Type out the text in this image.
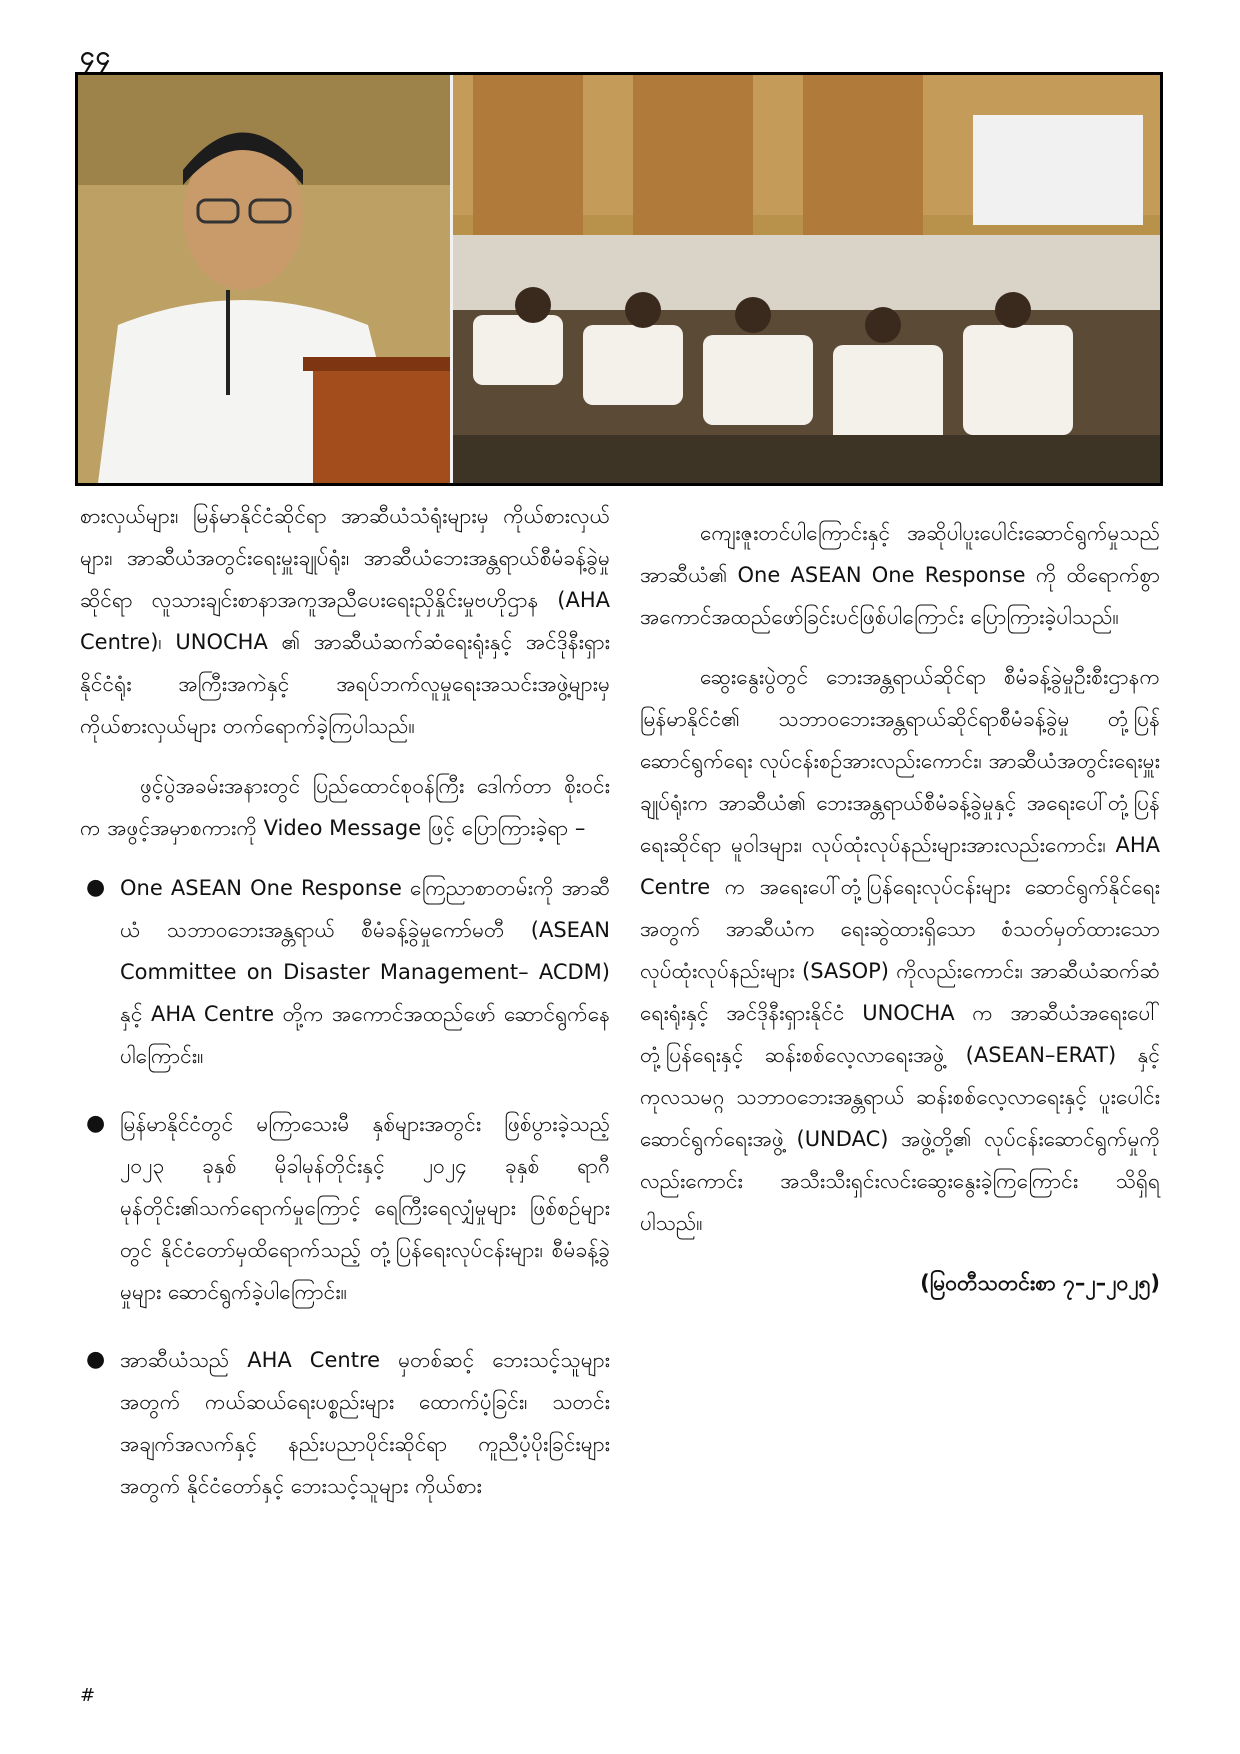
၄၄

စားလှယ်များ၊ မြန်မာနိုင်ငံဆိုင်ရာ အာဆီယံသံရုံးများမှ ကိုယ်စားလှယ်များ၊ အာဆီယံအတွင်းရေးမှူးချုပ်ရုံး၊ အာဆီယံဘေးအန္တရာယ်စီမံခန့်ခွဲမှုဆိုင်ရာ လူသားချင်းစာနာအကူအညီပေးရေးညှိနှိုင်းမှုဗဟိုဌာန (AHA Centre)၊ UNOCHA ၏ အာဆီယံဆက်ဆံရေးရုံးနှင့် အင်ဒိုနီးရှားနိုင်ငံရုံး အကြီးအကဲနှင့် အရပ်ဘက်လူမှုရေးအသင်းအဖွဲ့များမှ ကိုယ်စားလှယ်များ တက်ရောက်ခဲ့ကြပါသည်။

ဖွင့်ပွဲအခမ်းအနားတွင် ပြည်ထောင်စုဝန်ကြီး ဒေါက်တာ စိုးဝင်းက အဖွင့်အမှာစကားကို Video Message ဖြင့် ပြောကြားခဲ့ရာ –

● One ASEAN One Response ကြေညာစာတမ်းကို အာဆီယံ သဘာဝဘေးအန္တရာယ် စီမံခန့်ခွဲမှုကော်မတီ (ASEAN Committee on Disaster Management– ACDM) နှင့် AHA Centre တို့က အကောင်အထည်ဖော် ဆောင်ရွက်နေပါကြောင်း။
● မြန်မာနိုင်ငံတွင် မကြာသေးမီ နှစ်များအတွင်း ဖြစ်ပွားခဲ့သည့် ၂၀၂၃ ခုနှစ် မိုခါမုန်တိုင်းနှင့် ၂၀၂၄ ခုနှစ် ရာဂီမုန်တိုင်း၏သက်ရောက်မှုကြောင့် ရေကြီးရေလျှံမှုများ ဖြစ်စဉ်များတွင် နိုင်ငံတော်မှထိရောက်သည့် တုံ့ပြန်ရေးလုပ်ငန်းများ၊ စီမံခန့်ခွဲမှုများ ဆောင်ရွက်ခဲ့ပါကြောင်း။
● အာဆီယံသည် AHA Centre မှတစ်ဆင့် ဘေးသင့်သူများအတွက် ကယ်ဆယ်ရေးပစ္စည်းများ ထောက်ပံ့ခြင်း၊ သတင်းအချက်အလက်နှင့် နည်းပညာပိုင်းဆိုင်ရာ ကူညီပံ့ပိုးခြင်းများအတွက် နိုင်ငံတော်နှင့် ဘေးသင့်သူများ ကိုယ်စား

ကျေးဇူးတင်ပါကြောင်းနှင့် အဆိုပါပူးပေါင်းဆောင်ရွက်မှုသည် အာဆီယံ၏ One ASEAN One Response ကို ထိရောက်စွာ အကောင်အထည်ဖော်ခြင်းပင်ဖြစ်ပါကြောင်း ပြောကြားခဲ့ပါသည်။

ဆွေးနွေးပွဲတွင် ဘေးအန္တရာယ်ဆိုင်ရာ စီမံခန့်ခွဲမှုဦးစီးဌာနက မြန်မာနိုင်ငံ၏ သဘာဝဘေးအန္တရာယ်ဆိုင်ရာစီမံခန့်ခွဲမှု တုံ့ပြန်ဆောင်ရွက်ရေး လုပ်ငန်းစဉ်အားလည်းကောင်း၊ အာဆီယံအတွင်းရေးမှူးချုပ်ရုံးက အာဆီယံ၏ ဘေးအန္တရာယ်စီမံခန့်ခွဲမှုနှင့် အရေးပေါ်တုံ့ပြန်ရေးဆိုင်ရာ မူဝါဒများ၊ လုပ်ထုံးလုပ်နည်းများအားလည်းကောင်း၊ AHA Centre က အရေးပေါ်တုံ့ပြန်ရေးလုပ်ငန်းများ ဆောင်ရွက်နိုင်ရေးအတွက် အာဆီယံက ရေးဆွဲထားရှိသော စံသတ်မှတ်ထားသော လုပ်ထုံးလုပ်နည်းများ (SASOP) ကိုလည်းကောင်း၊ အာဆီယံဆက်ဆံရေးရုံးနှင့် အင်ဒိုနီးရှားနိုင်ငံ UNOCHA က အာဆီယံအရေးပေါ် တုံ့ပြန်ရေးနှင့် ဆန်းစစ်လေ့လာရေးအဖွဲ့ (ASEAN–ERAT) နှင့် ကုလသမဂ္ဂ သဘာဝဘေးအန္တရာယ် ဆန်းစစ်လေ့လာရေးနှင့် ပူးပေါင်းဆောင်ရွက်ရေးအဖွဲ့ (UNDAC) အဖွဲ့တို့၏ လုပ်ငန်းဆောင်ရွက်မှုကိုလည်းကောင်း အသီးသီးရှင်းလင်းဆွေးနွေးခဲ့ကြကြောင်း သိရှိရပါသည်။

(မြဝတီသတင်းစာ ၇–၂–၂၀၂၅)

#
